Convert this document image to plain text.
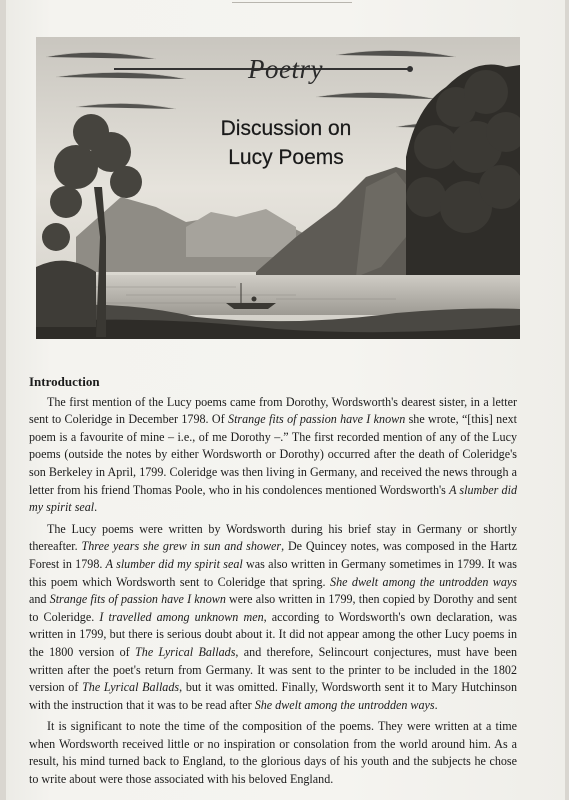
Poetry
Discussion on
Lucy Poems
Introduction

The first mention of the Lucy poems came from Dorothy, Wordsworth's dearest sister, in a letter sent to Coleridge in December 1798. Of Strange fits of passion have I known she wrote, “[this] next poem is a favourite of mine – i.e., of me Dorothy –.” The first recorded mention of any of the Lucy poems (outside the notes by either Wordsworth or Dorothy) occurred after the death of Coleridge's son Berkeley in April, 1799. Coleridge was then living in Germany, and received the news through a letter from his friend Thomas Poole, who in his condolences mentioned Wordsworth's A slumber did my spirit seal.

The Lucy poems were written by Wordsworth during his brief stay in Germany or shortly thereafter. Three years she grew in sun and shower, De Quincey notes, was composed in the Hartz Forest in 1798. A slumber did my spirit seal was also written in Germany sometimes in 1799. It was this poem which Wordsworth sent to Coleridge that spring. She dwelt among the untrodden ways and Strange fits of passion have I known were also written in 1799, then copied by Dorothy and sent to Coleridge. I travelled among unknown men, according to Wordsworth's own declaration, was written in 1799, but there is serious doubt about it. It did not appear among the other Lucy poems in the 1800 version of The Lyrical Ballads, and therefore, Selincourt conjectures, must have been written after the poet's return from Germany. It was sent to the printer to be included in the 1802 version of The Lyrical Ballads, but it was omitted. Finally, Wordsworth sent it to Mary Hutchinson with the instruction that it was to be read after She dwelt among the untrodden ways.

It is significant to note the time of the composition of the poems. They were written at a time when Wordsworth received little or no inspiration or consolation from the world around him. As a result, his mind turned back to England, to the glorious days of his youth and the subjects he chose to write about were those associated with his beloved England.
